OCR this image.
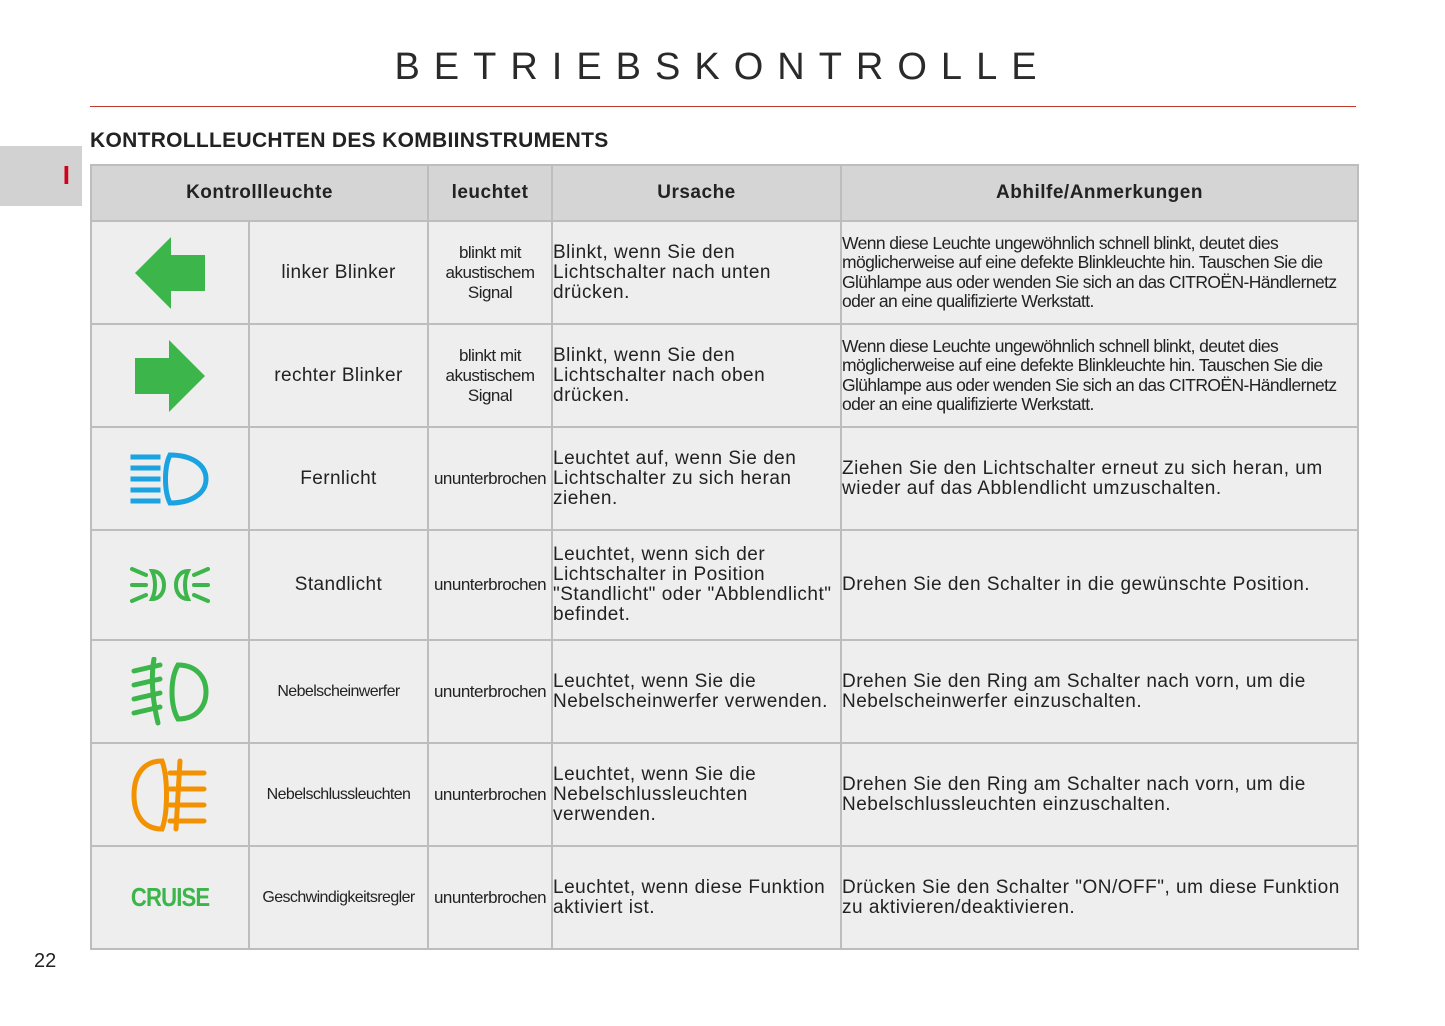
BETRIEBSKONTROLLE
I
KONTROLLLEUCHTEN DES KOMBIINSTRUMENTS
Kontrollleuchte		leuchtet	Ursache	Abhilfe/Anmerkungen

	linker Blinker	blinkt mit akustischem Signal	Blinkt, wenn Sie den Lichtschalter nach unten drücken.	Wenn diese Leuchte ungewöhnlich schnell blinkt, deutet dies möglicherweise auf eine defekte Blinkleuchte hin. Tauschen Sie die Glühlampe aus oder wenden Sie sich an das CITROËN-Händlernetz oder an eine qualifizierte Werkstatt.

	rechter Blinker	blinkt mit akustischem Signal	Blinkt, wenn Sie den Lichtschalter nach oben drücken.	Wenn diese Leuchte ungewöhnlich schnell blinkt, deutet dies möglicherweise auf eine defekte Blinkleuchte hin. Tauschen Sie die Glühlampe aus oder wenden Sie sich an das CITROËN-Händlernetz oder an eine qualifizierte Werkstatt.

	Fernlicht	ununterbrochen	Leuchtet auf, wenn Sie den Lichtschalter zu sich heran ziehen.	Ziehen Sie den Lichtschalter erneut zu sich heran, um wieder auf das Abblendlicht umzuschalten.

	Standlicht	ununterbrochen	Leuchtet, wenn sich der Lichtschalter in Position "Standlicht" oder "Abblendlicht" befindet.	Drehen Sie den Schalter in die gewünschte Position.

	Nebelscheinwerfer	ununterbrochen	Leuchtet, wenn Sie die Nebelscheinwerfer verwenden.	Drehen Sie den Ring am Schalter nach vorn, um die Nebelscheinwerfer einzuschalten.

	Nebelschlussleuchten	ununterbrochen	Leuchtet, wenn Sie die Nebelschlussleuchten verwenden.	Drehen Sie den Ring am Schalter nach vorn, um die Nebelschlussleuchten einzuschalten.
CRUISE	Geschwindigkeitsregler	ununterbrochen	Leuchtet, wenn diese Funktion aktiviert ist.	Drücken Sie den Schalter "ON/OFF", um diese Funktion zu aktivieren/deaktivieren.
22
